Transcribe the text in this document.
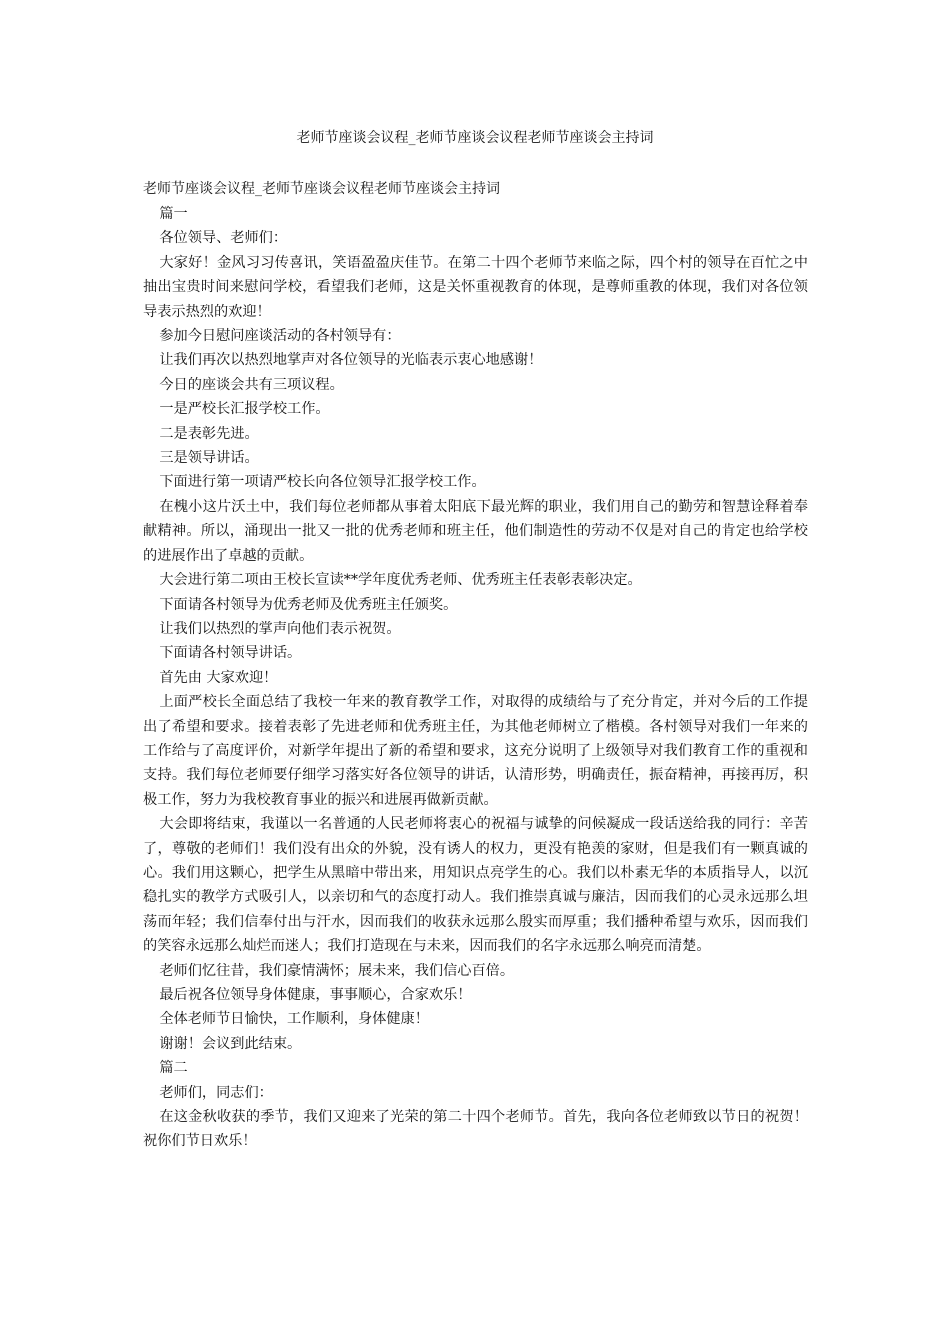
老师节座谈会议程_老师节座谈会议程老师节座谈会主持词
老师节座谈会议程_老师节座谈会议程老师节座谈会主持词

篇一

各位领导、老师们：

大家好！金风习习传喜讯，笑语盈盈庆佳节。在第二十四个老师节来临之际，四个村的领导在百忙之中抽出宝贵时间来慰问学校，看望我们老师，这是关怀重视教育的体现，是尊师重教的体现，我们对各位领导表示热烈的欢迎！

参加今日慰问座谈活动的各村领导有：

让我们再次以热烈地掌声对各位领导的光临表示衷心地感谢！

今日的座谈会共有三项议程。

一是严校长汇报学校工作。

二是表彰先进。

三是领导讲话。

下面进行第一项请严校长向各位领导汇报学校工作。

在槐小这片沃土中，我们每位老师都从事着太阳底下最光辉的职业，我们用自己的勤劳和智慧诠释着奉献精神。所以，涌现出一批又一批的优秀老师和班主任，他们制造性的劳动不仅是对自己的肯定也给学校的进展作出了卓越的贡献。

大会进行第二项由王校长宣读**学年度优秀老师、优秀班主任表彰表彰决定。

下面请各村领导为优秀老师及优秀班主任颁奖。

让我们以热烈的掌声向他们表示祝贺。

下面请各村领导讲话。

首先由 大家欢迎！

上面严校长全面总结了我校一年来的教育教学工作，对取得的成绩给与了充分肯定，并对今后的工作提出了希望和要求。接着表彰了先进老师和优秀班主任，为其他老师树立了楷模。各村领导对我们一年来的工作给与了高度评价，对新学年提出了新的希望和要求，这充分说明了上级领导对我们教育工作的重视和支持。我们每位老师要仔细学习落实好各位领导的讲话，认清形势，明确责任，振奋精神，再接再厉，积极工作，努力为我校教育事业的振兴和进展再做新贡献。

大会即将结束，我谨以一名普通的人民老师将衷心的祝福与诚挚的问候凝成一段话送给我的同行：辛苦了，尊敬的老师们！我们没有出众的外貌，没有诱人的权力，更没有艳羡的家财，但是我们有一颗真诚的心。我们用这颗心，把学生从黑暗中带出来，用知识点亮学生的心。我们以朴素无华的本质指导人，以沉稳扎实的教学方式吸引人，以亲切和气的态度打动人。我们推崇真诚与廉洁，因而我们的心灵永远那么坦荡而年轻；我们信奉付出与汗水，因而我们的收获永远那么殷实而厚重；我们播种希望与欢乐，因而我们的笑容永远那么灿烂而迷人；我们打造现在与未来，因而我们的名字永远那么响亮而清楚。

老师们忆往昔，我们豪情满怀；展未来，我们信心百倍。

最后祝各位领导身体健康，事事顺心，合家欢乐！

全体老师节日愉快，工作顺利，身体健康！

谢谢！会议到此结束。

篇二

老师们，同志们：

在这金秋收获的季节，我们又迎来了光荣的第二十四个老师节。首先，我向各位老师致以节日的祝贺！祝你们节日欢乐！
